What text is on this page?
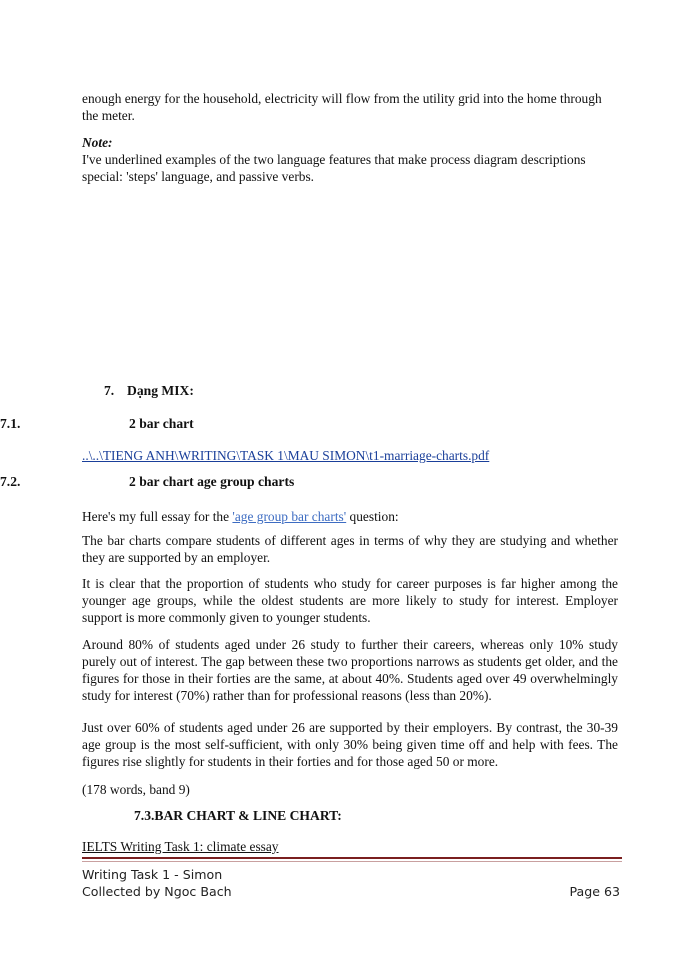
enough energy for the household, electricity will flow from the utility grid into the home through

the meter.

Note:

I've underlined examples of the two language features that make process diagram descriptions

special: 'steps' language, and passive verbs.

7. Dạng MIX:
7.1.	2 bar chart
..\..\TIENG ANH\WRITING\TASK 1\MAU SIMON\t1-marriage-charts.pdf
7.2.	2 bar chart age group charts
Here's my full essay for the 'age group bar charts' question:
The bar charts compare students of different ages in terms of why they are studying and whether they are supported by an employer.
It is clear that the proportion of students who study for career purposes is far higher among the younger age groups, while the oldest students are more likely to study for interest. Employer support is more commonly given to younger students.
Around 80% of students aged under 26 study to further their careers, whereas only 10% study purely out of interest. The gap between these two proportions narrows as students get older, and the figures for those in their forties are the same, at about 40%. Students aged over 49 overwhelmingly study for interest (70%) rather than for professional reasons (less than 20%).
Just over 60% of students aged under 26 are supported by their employers. By contrast, the 30-39 age group is the most self-sufficient, with only 30% being given time off and help with fees. The figures rise slightly for students in their forties and for those aged 50 or more.
(178 words, band 9)
7.3.BAR CHART & LINE CHART:
IELTS Writing Task 1: climate essay
Writing Task 1 - Simon
Collected by Ngoc Bach	Page 63
